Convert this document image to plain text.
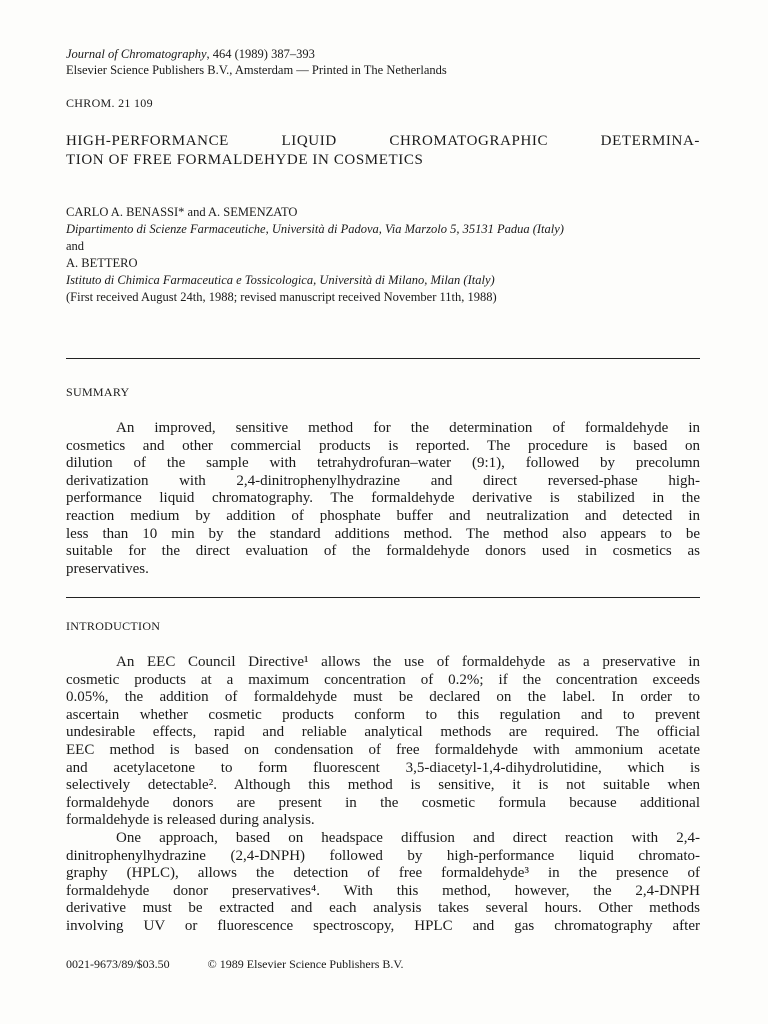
Journal of Chromatography, 464 (1989) 387–393
Elsevier Science Publishers B.V., Amsterdam — Printed in The Netherlands
CHROM. 21 109
HIGH-PERFORMANCE LIQUID CHROMATOGRAPHIC DETERMINA-
TION OF FREE FORMALDEHYDE IN COSMETICS
CARLO A. BENASSI* and A. SEMENZATO
Dipartimento di Scienze Farmaceutiche, Università di Padova, Via Marzolo 5, 35131 Padua (Italy)
and
A. BETTERO
Istituto di Chimica Farmaceutica e Tossicologica, Università di Milano, Milan (Italy)
(First received August 24th, 1988; revised manuscript received November 11th, 1988)
SUMMARY
An improved, sensitive method for the determination of formaldehyde in
cosmetics and other commercial products is reported. The procedure is based on
dilution of the sample with tetrahydrofuran–water (9:1), followed by precolumn
derivatization with 2,4-dinitrophenylhydrazine and direct reversed-phase high-
performance liquid chromatography. The formaldehyde derivative is stabilized in the
reaction medium by addition of phosphate buffer and neutralization and detected in
less than 10 min by the standard additions method. The method also appears to be
suitable for the direct evaluation of the formaldehyde donors used in cosmetics as
preservatives.
INTRODUCTION
An EEC Council Directive¹ allows the use of formaldehyde as a preservative in
cosmetic products at a maximum concentration of 0.2%; if the concentration exceeds
0.05%, the addition of formaldehyde must be declared on the label. In order to
ascertain whether cosmetic products conform to this regulation and to prevent
undesirable effects, rapid and reliable analytical methods are required. The official
EEC method is based on condensation of free formaldehyde with ammonium acetate
and acetylacetone to form fluorescent 3,5-diacetyl-1,4-dihydrolutidine, which is
selectively detectable². Although this method is sensitive, it is not suitable when
formaldehyde donors are present in the cosmetic formula because additional
formaldehyde is released during analysis.
One approach, based on headspace diffusion and direct reaction with 2,4-
dinitrophenylhydrazine (2,4-DNPH) followed by high-performance liquid chromato-
graphy (HPLC), allows the detection of free formaldehyde³ in the presence of
formaldehyde donor preservatives⁴. With this method, however, the 2,4-DNPH
derivative must be extracted and each analysis takes several hours. Other methods
involving UV or fluorescence spectroscopy, HPLC and gas chromatography after
0021-9673/89/$03.50	© 1989 Elsevier Science Publishers B.V.
